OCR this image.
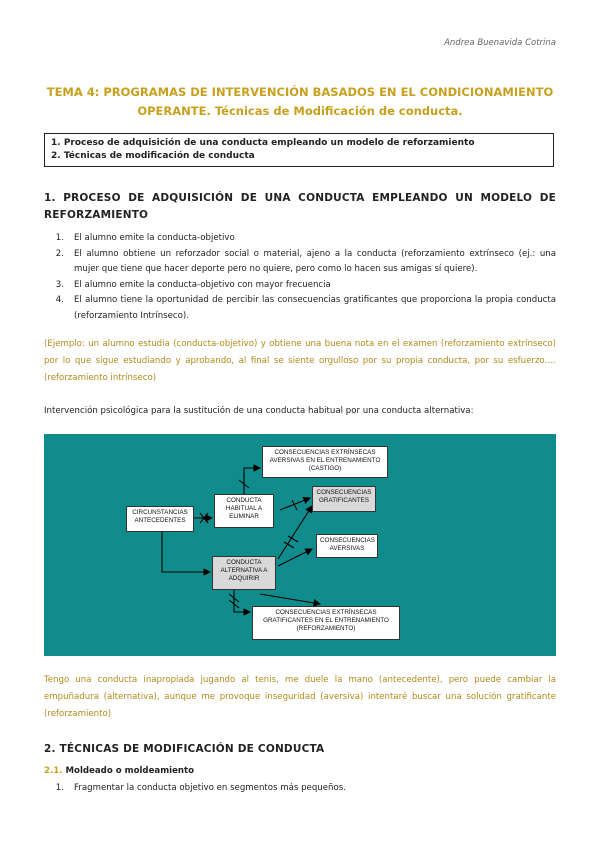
Andrea Buenavida Cotrina
TEMA 4: PROGRAMAS DE INTERVENCIÓN BASADOS EN EL CONDICIONAMIENTO
OPERANTE. Técnicas de Modificación de conducta.
1. Proceso de adquisición de una conducta empleando un modelo de reforzamiento
2. Técnicas de modificación de conducta
1. PROCESO DE ADQUISICIÓN DE UNA CONDUCTA EMPLEANDO UN MODELO DE REFORZAMIENTO
1.	El alumno emite la conducta-objetivo
2.	El alumno obtiene un reforzador social o material, ajeno a la conducta (reforzamiento extrínseco (ej.: una mujer que tiene que hacer deporte pero no quiere, pero como lo hacen sus amigas sí quiere).
3.	El alumno emite la conducta-objetivo con mayor frecuencia
4.	El alumno tiene la oportunidad de percibir las consecuencias gratificantes que proporciona la propia conducta (reforzamiento Intrínseco).
(Ejemplo: un alumno estudia (conducta-objetivo) y obtiene una buena nota en el examen (reforzamiento extrínseco) por lo que sigue estudiando y aprobando, al final se siente orgulloso por su propia conducta, por su esfuerzo…. (reforzamiento intrínseco)
Intervención psicológica para la sustitución de una conducta habitual por una conducta alternativa:
CIRCUNSTANCIAS ANTECEDENTES
CONDUCTA HABITUAL A ELIMINAR
CONDUCTA ALTERNATIVA A ADQUIRIR
CONSECUENCIAS EXTRÍNSECAS AVERSIVAS EN EL ENTRENAMIENTO (CASTIGO)
CONSECUENCIAS GRATIFICANTES
CONSECUENCIAS AVERSIVAS
CONSECUENCIAS EXTRÍNSECAS GRATIFICANTES EN EL ENTRENAMIENTO (REFORZAMIENTO)
Tengo una conducta inapropiada jugando al tenis, me duele la mano (antecedente), pero puede cambiar la empuñadura (alternativa), aunque me provoque inseguridad (aversiva) intentaré buscar una solución gratificante (reforzamiento)
2. TÉCNICAS DE MODIFICACIÓN DE CONDUCTA
2.1. Moldeado o moldeamiento
1.	Fragmentar la conducta objetivo en segmentos más pequeños.
